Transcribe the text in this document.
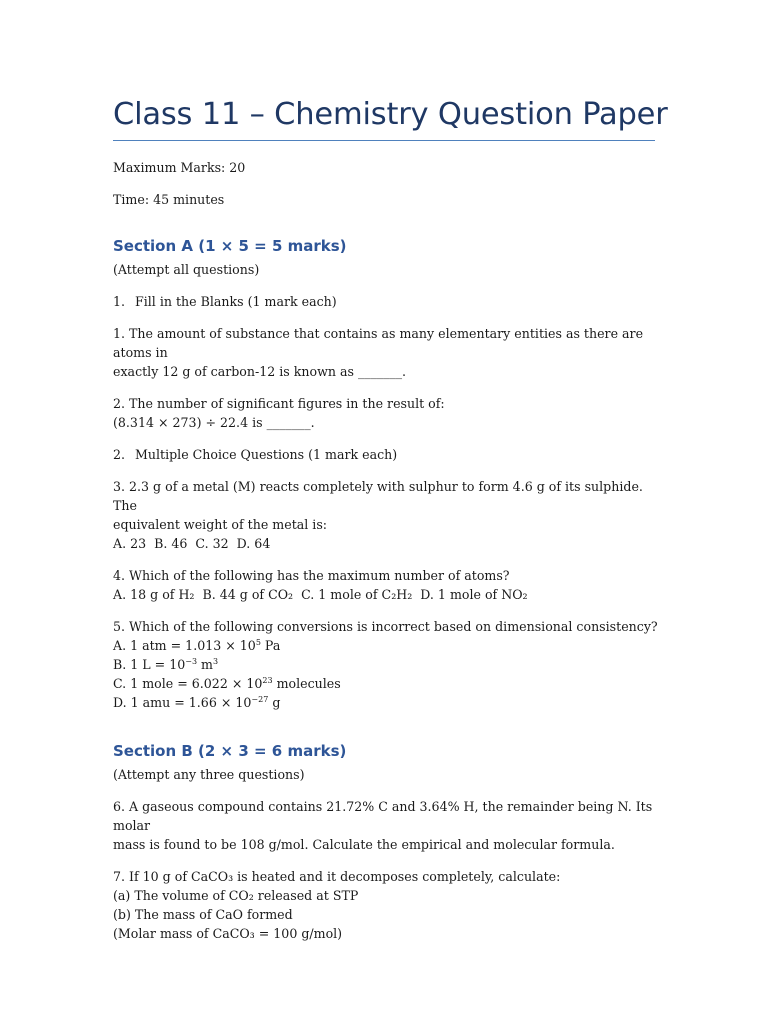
Class 11 – Chemistry Question Paper

Maximum Marks: 20

Time: 45 minutes

Section A (1 × 5 = 5 marks)

(Attempt all questions)

1. Fill in the Blanks (1 mark each)

1. The amount of substance that contains as many elementary entities as there are atoms in
exactly 12 g of carbon-12 is known as _______.

2. The number of significant figures in the result of:
(8.314 × 273) ÷ 22.4 is _______.

2. Multiple Choice Questions (1 mark each)

3. 2.3 g of a metal (M) reacts completely with sulphur to form 4.6 g of its sulphide. The
equivalent weight of the metal is:
A. 23  B. 46  C. 32  D. 64

4. Which of the following has the maximum number of atoms?
A. 18 g of H₂  B. 44 g of CO₂  C. 1 mole of C₂H₂  D. 1 mole of NO₂

5. Which of the following conversions is incorrect based on dimensional consistency?
A. 1 atm = $1.013 \times 10^5$ Pa
B. 1 $L = 10^{-3}$ $m^3$
C. 1 mole = $6.022 \times 10^{23}$ molecules
D. 1 amu = $1.66 \times 10^{-27}$ g

Section B (2 × 3 = 6 marks)

(Attempt any three questions)

6. A gaseous compound contains 21.72% C and 3.64% H, the remainder being N. Its molar
mass is found to be 108 g/mol. Calculate the empirical and molecular formula.

7. If 10 g of CaCO₃ is heated and it decomposes completely, calculate:
(a) The volume of CO₂ released at STP
(b) The mass of CaO formed
(Molar mass of CaCO₃ = 100 g/mol)
